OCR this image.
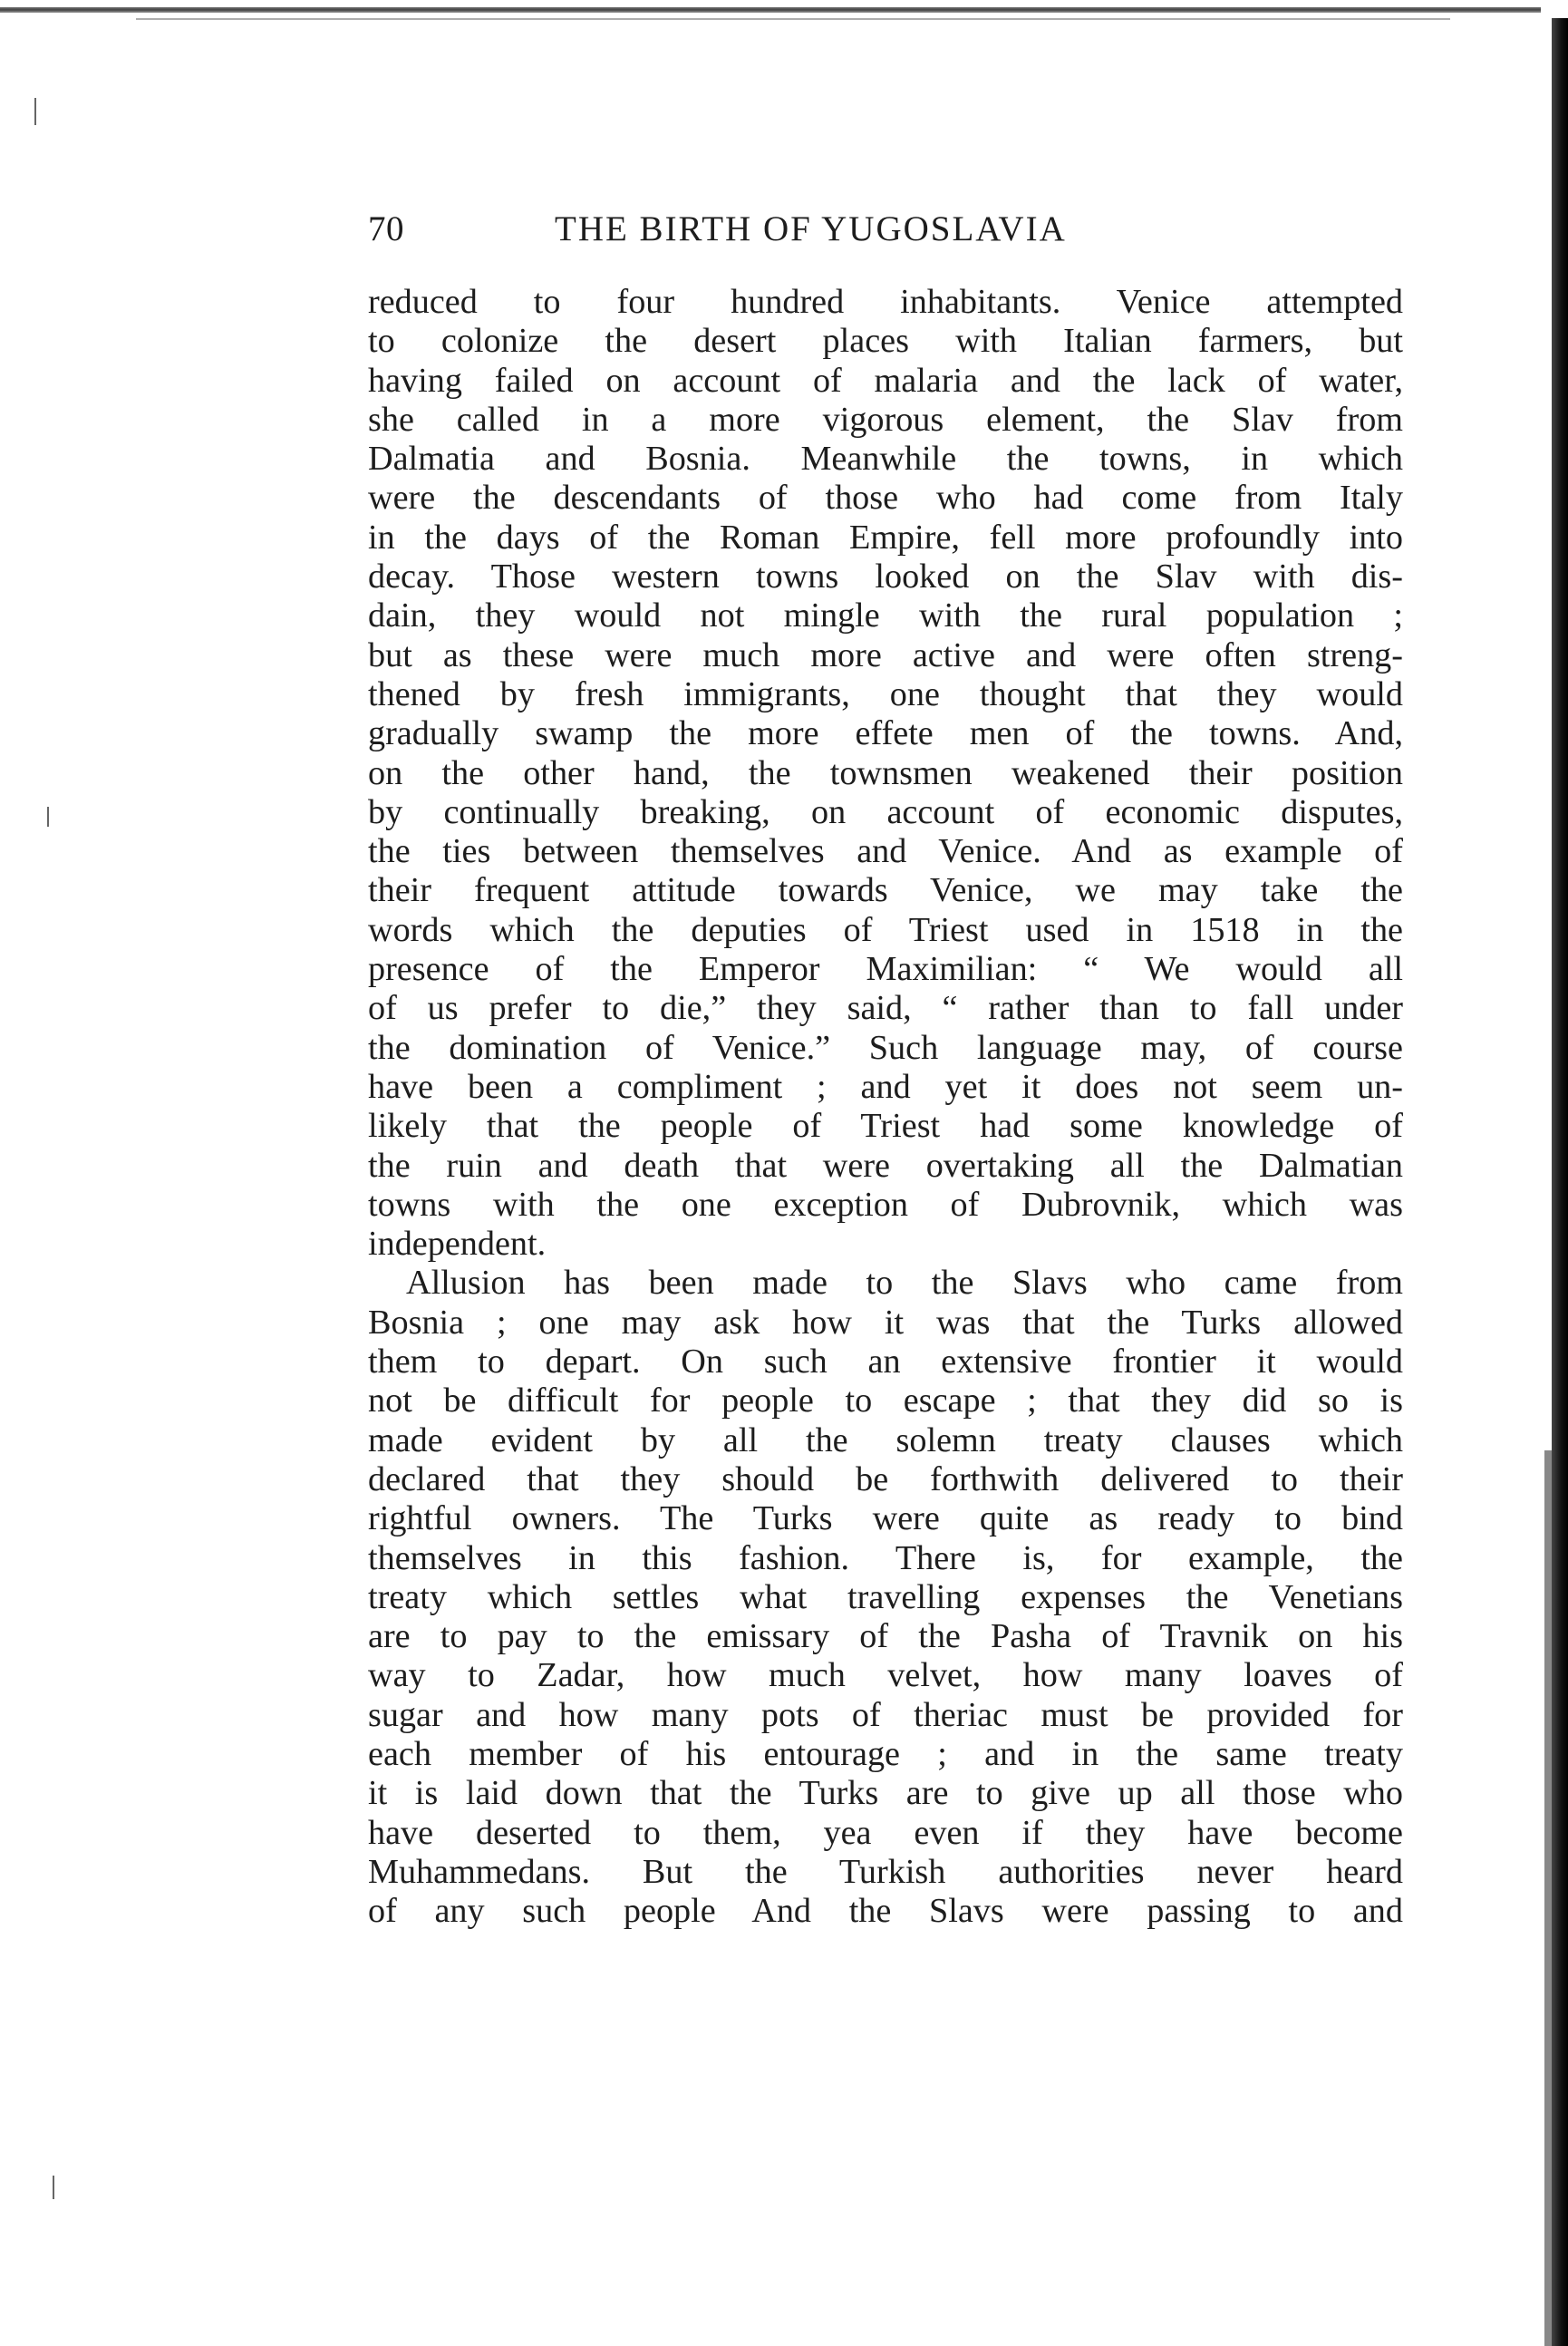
70	THE BIRTH OF YUGOSLAVIA
reduced to four hundred inhabitants. Venice attempted
to colonize the desert places with Italian farmers, but
having failed on account of malaria and the lack of water,
she called in a more vigorous element, the Slav from
Dalmatia and Bosnia. Meanwhile the towns, in which
were the descendants of those who had come from Italy
in the days of the Roman Empire, fell more profoundly into
decay. Those western towns looked on the Slav with dis-
dain, they would not mingle with the rural population ;
but as these were much more active and were often streng-
thened by fresh immigrants, one thought that they would
gradually swamp the more effete men of the towns. And,
on the other hand, the townsmen weakened their position
by continually breaking, on account of economic disputes,
the ties between themselves and Venice. And as example of
their frequent attitude towards Venice, we may take the
words which the deputies of Triest used in 1518 in the
presence of the Emperor Maximilian: “ We would all
of us prefer to die,” they said, “ rather than to fall under
the domination of Venice.” Such language may, of course
have been a compliment ; and yet it does not seem un-
likely that the people of Triest had some knowledge of
the ruin and death that were overtaking all the Dalmatian
towns with the one exception of Dubrovnik, which was
independent.
Allusion has been made to the Slavs who came from
Bosnia ; one may ask how it was that the Turks allowed
them to depart. On such an extensive frontier it would
not be difficult for people to escape ; that they did so is
made evident by all the solemn treaty clauses which
declared that they should be forthwith delivered to their
rightful owners. The Turks were quite as ready to bind
themselves in this fashion. There is, for example, the
treaty which settles what travelling expenses the Venetians
are to pay to the emissary of the Pasha of Travnik on his
way to Zadar, how much velvet, how many loaves of
sugar and how many pots of theriac must be provided for
each member of his entourage ; and in the same treaty
it is laid down that the Turks are to give up all those who
have deserted to them, yea even if they have become
Muhammedans. But the Turkish authorities never heard
of any such people And the Slavs were passing to and
